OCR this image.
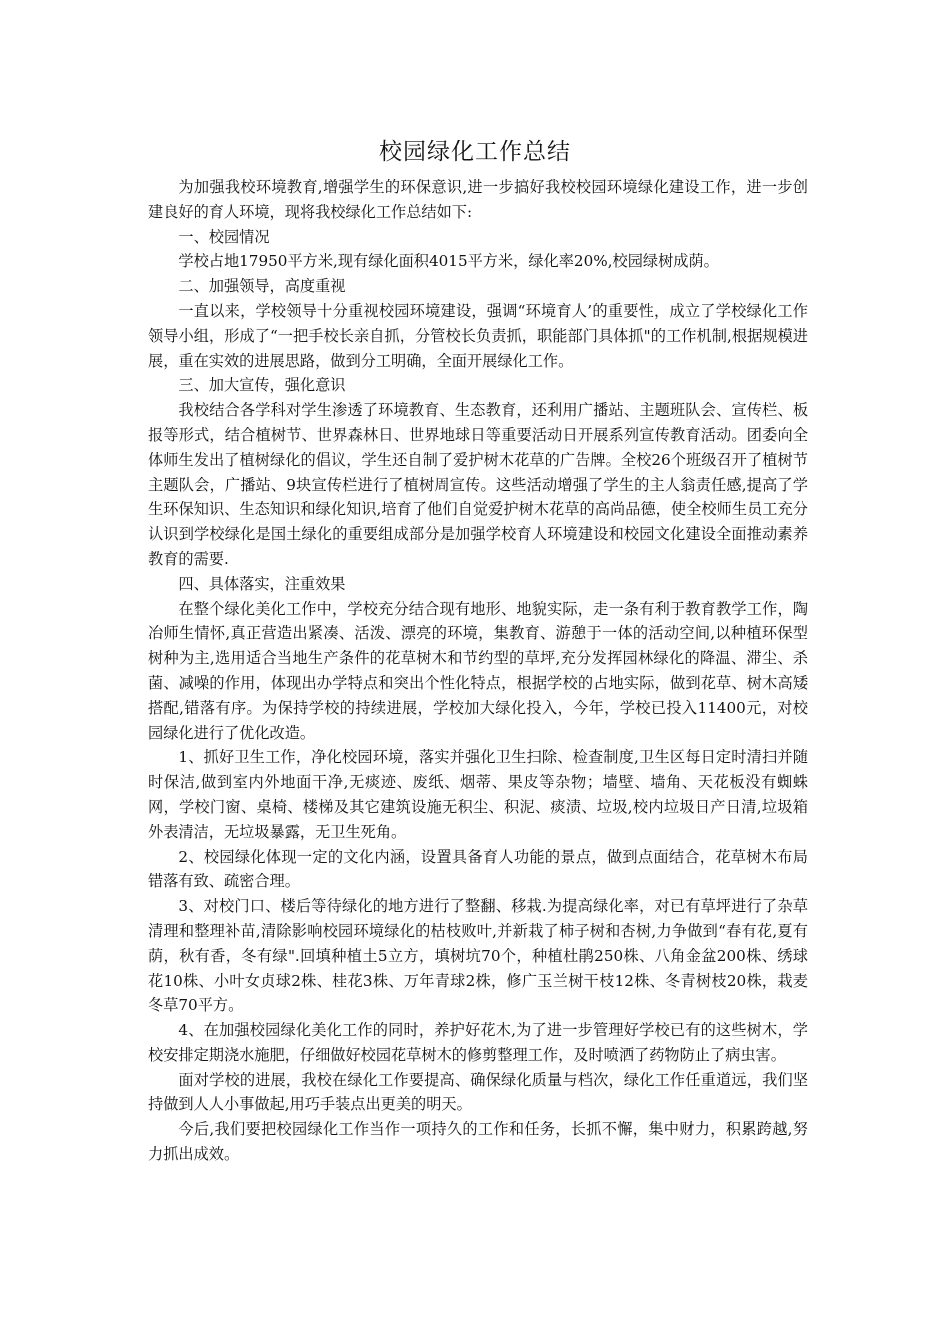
校园绿化工作总结

为加强我校环境教育,增强学生的环保意识,进一步搞好我校校园环境绿化建设工作，进一步创建良好的育人环境，现将我校绿化工作总结如下:

一、校园情况

学校占地17950平方米,现有绿化面积4015平方米，绿化率20%,校园绿树成荫。

二、加强领导，高度重视

一直以来，学校领导十分重视校园环境建设，强调“环境育人’的重要性，成立了学校绿化工作领导小组，形成了“一把手校长亲自抓，分管校长负责抓，职能部门具体抓"的工作机制,根据规模进展，重在实效的进展思路，做到分工明确，全面开展绿化工作。

三、加大宣传，强化意识

我校结合各学科对学生渗透了环境教育、生态教育，还利用广播站、主题班队会、宣传栏、板报等形式，结合植树节、世界森林日、世界地球日等重要活动日开展系列宣传教育活动。团委向全体师生发出了植树绿化的倡议，学生还自制了爱护树木花草的广告牌。全校26个班级召开了植树节主题队会，广播站、9块宣传栏进行了植树周宣传。这些活动增强了学生的主人翁责任感,提高了学生环保知识、生态知识和绿化知识,培育了他们自觉爱护树木花草的高尚品德，使全校师生员工充分认识到学校绿化是国土绿化的重要组成部分是加强学校育人环境建设和校园文化建设全面推动素养教育的需要.

四、具体落实，注重效果

在整个绿化美化工作中，学校充分结合现有地形、地貌实际，走一条有利于教育教学工作，陶冶师生情怀,真正营造出紧凑、活泼、漂亮的环境，集教育、游憩于一体的活动空间,以种植环保型树种为主,选用适合当地生产条件的花草树木和节约型的草坪,充分发挥园林绿化的降温、滞尘、杀菌、减噪的作用，体现出办学特点和突出个性化特点，根据学校的占地实际，做到花草、树木高矮搭配,错落有序。为保持学校的持续进展，学校加大绿化投入，今年，学校已投入11400元，对校园绿化进行了优化改造。

1、抓好卫生工作，净化校园环境，落实并强化卫生扫除、检查制度,卫生区每日定时清扫并随时保洁,做到室内外地面干净,无痰迹、废纸、烟蒂、果皮等杂物；墙壁、墙角、天花板没有蜘蛛网，学校门窗、桌椅、楼梯及其它建筑设施无积尘、积泥、痰渍、垃圾,校内垃圾日产日清,垃圾箱外表清洁，无垃圾暴露，无卫生死角。

2、校园绿化体现一定的文化内涵，设置具备育人功能的景点，做到点面结合，花草树木布局错落有致、疏密合理。

3、对校门口、楼后等待绿化的地方进行了整翻、移栽.为提高绿化率，对已有草坪进行了杂草清理和整理补苗,清除影响校园环境绿化的枯枝败叶,并新栽了柿子树和杏树,力争做到“春有花,夏有荫，秋有香，冬有绿".回填种植土5立方，填树坑70个，种植杜鹃250株、八角金盆200株、绣球花10株、小叶女贞球2株、桂花3株、万年青球2株，修广玉兰树干枝12株、冬青树枝20株，栽麦冬草70平方。

4、在加强校园绿化美化工作的同时，养护好花木,为了进一步管理好学校已有的这些树木，学校安排定期浇水施肥，仔细做好校园花草树木的修剪整理工作，及时喷洒了药物防止了病虫害。

面对学校的进展，我校在绿化工作要提高、确保绿化质量与档次，绿化工作任重道远，我们坚持做到人人小事做起,用巧手装点出更美的明天。

今后,我们要把校园绿化工作当作一项持久的工作和任务，长抓不懈，集中财力，积累跨越,努力抓出成效。
